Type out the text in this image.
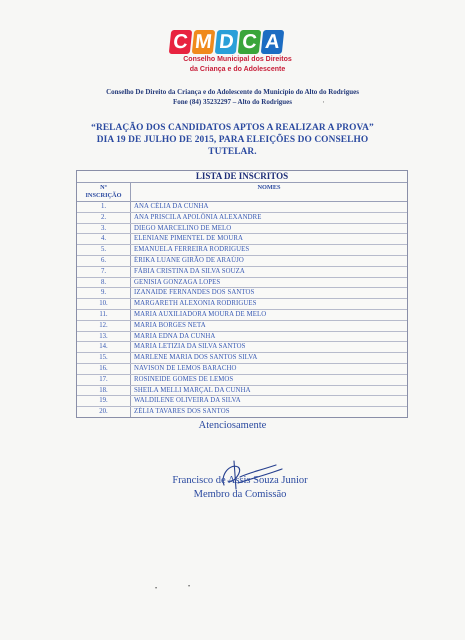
C M D C A
Conselho Municipal dos Direitos
da Criança e do Adolescente
Conselho De Direito da Criança e do Adolescente do Município do Alto do Rodrigues
Fone (84) 35232297 – Alto do Rodrigues	·
“RELAÇÃO DOS CANDIDATOS APTOS A REALIZAR A PROVA”
DIA 19 DE JULHO DE 2015, PARA ELEIÇÕES DO CONSELHO
TUTELAR.
LISTA DE INSCRITOS
Nº
INSCRIÇÃO
NOMES
1.	ANA CÉLIA DA CUNHA
2.	ANA PRISCILA APOLÔNIA ALEXANDRE
3.	DIEGO MARCELINO DE MELO
4.	ELENIANE PIMENTEL DE MOURA
5.	EMANUELA FERREIRA RODRIGUES
6.	ÉRIKA LUANE GIRÃO DE ARAÚJO
7.	FÁBIA CRISTINA DA SILVA SOUZA
8.	GENISIA GONZAGA LOPES
9.	IZANAIDE FERNANDES DOS SANTOS
10.	MARGARETH ALEXONIA RODRIGUES
11.	MARIA AUXILIADORA MOURA DE MELO
12.	MARIA BORGES NETA
13.	MARIA EDNA DA CUNHA
14.	MARIA LETIZIA DA SILVA SANTOS
15.	MARLENE MARIA DOS SANTOS SILVA
16.	NAVISON DE LEMOS BARACHO
17.	ROSINEIDE GOMES DE LEMOS
18.	SHEILA MELLI MARÇAL DA CUNHA
19.	WALDILENE OLIVEIRA DA SILVA
20.	ZÉLIA TAVARES DOS SANTOS
Atenciosamente
Francisco de Assis Souza Junior
Membro da Comissão
•	•
